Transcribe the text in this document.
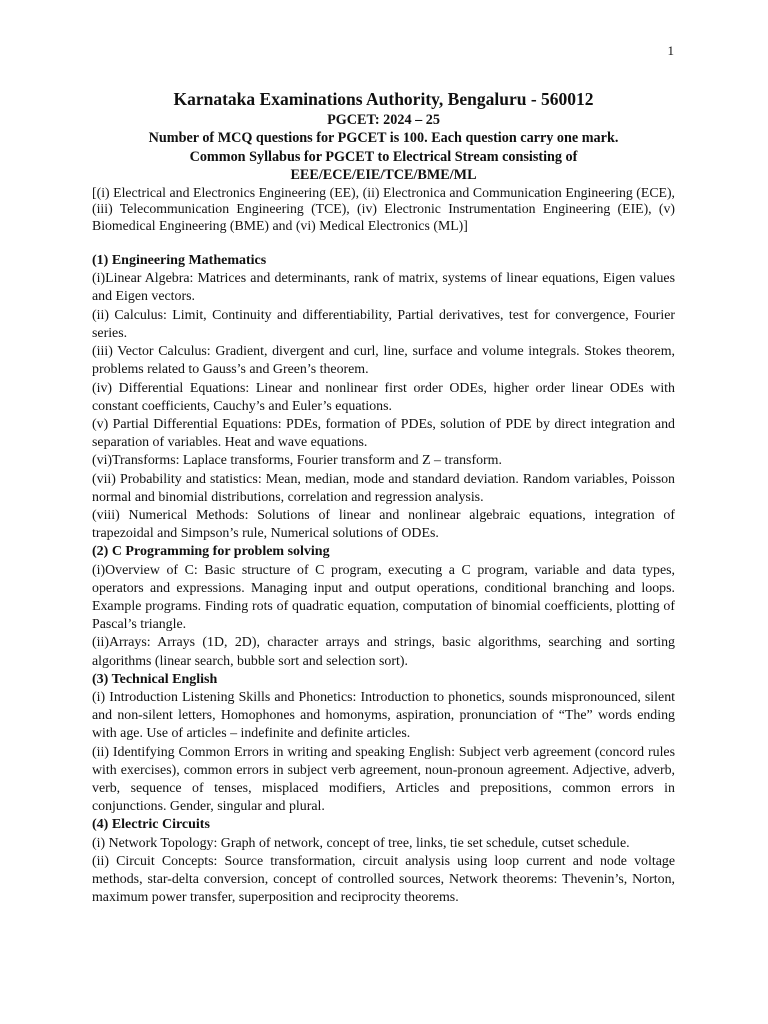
1
Karnataka Examinations Authority, Bengaluru - 560012
PGCET: 2024 – 25
Number of MCQ questions for PGCET is 100. Each question carry one mark.
Common Syllabus for PGCET to Electrical Stream consisting of
EEE/ECE/EIE/TCE/BME/ML
[(i) Electrical and Electronics Engineering (EE), (ii) Electronica and Communication Engineering (ECE), (iii) Telecommunication Engineering (TCE), (iv) Electronic Instrumentation Engineering (EIE), (v) Biomedical Engineering (BME) and (vi) Medical Electronics (ML)]
(1) Engineering Mathematics
(i)Linear Algebra: Matrices and determinants, rank of matrix, systems of linear equations, Eigen values and Eigen vectors.
(ii) Calculus: Limit, Continuity and differentiability, Partial derivatives, test for convergence, Fourier series.
(iii) Vector Calculus: Gradient, divergent and curl, line, surface and volume integrals. Stokes theorem, problems related to Gauss’s and Green’s theorem.
(iv) Differential Equations: Linear and nonlinear first order ODEs, higher order linear ODEs with constant coefficients, Cauchy’s and Euler’s equations.
(v) Partial Differential Equations: PDEs, formation of PDEs, solution of PDE by direct integration and separation of variables. Heat and wave equations.
(vi)Transforms: Laplace transforms, Fourier transform and Z – transform.
(vii) Probability and statistics: Mean, median, mode and standard deviation. Random variables, Poisson normal and binomial distributions, correlation and regression analysis.
(viii) Numerical Methods: Solutions of linear and nonlinear algebraic equations, integration of trapezoidal and Simpson’s rule, Numerical solutions of ODEs.
(2) C Programming for problem solving
(i)Overview of C: Basic structure of C program, executing a C program, variable and data types, operators and expressions. Managing input and output operations, conditional branching and loops. Example programs. Finding rots of quadratic equation, computation of binomial coefficients, plotting of Pascal’s triangle.
(ii)Arrays: Arrays (1D, 2D), character arrays and strings, basic algorithms, searching and sorting algorithms (linear search, bubble sort and selection sort).
(3) Technical English
(i) Introduction Listening Skills and Phonetics: Introduction to phonetics, sounds mispronounced, silent and non-silent letters, Homophones and homonyms, aspiration, pronunciation of “The” words ending with age. Use of articles – indefinite and definite articles.
(ii) Identifying Common Errors in writing and speaking English: Subject verb agreement (concord rules with exercises), common errors in subject verb agreement, noun-pronoun agreement. Adjective, adverb, verb, sequence of tenses, misplaced modifiers, Articles and prepositions, common errors in conjunctions. Gender, singular and plural.
(4) Electric Circuits
(i) Network Topology: Graph of network, concept of tree, links, tie set schedule, cutset schedule.
(ii) Circuit Concepts: Source transformation, circuit analysis using loop current and node voltage methods, star-delta conversion, concept of controlled sources, Network theorems: Thevenin’s, Norton, maximum power transfer, superposition and reciprocity theorems.
